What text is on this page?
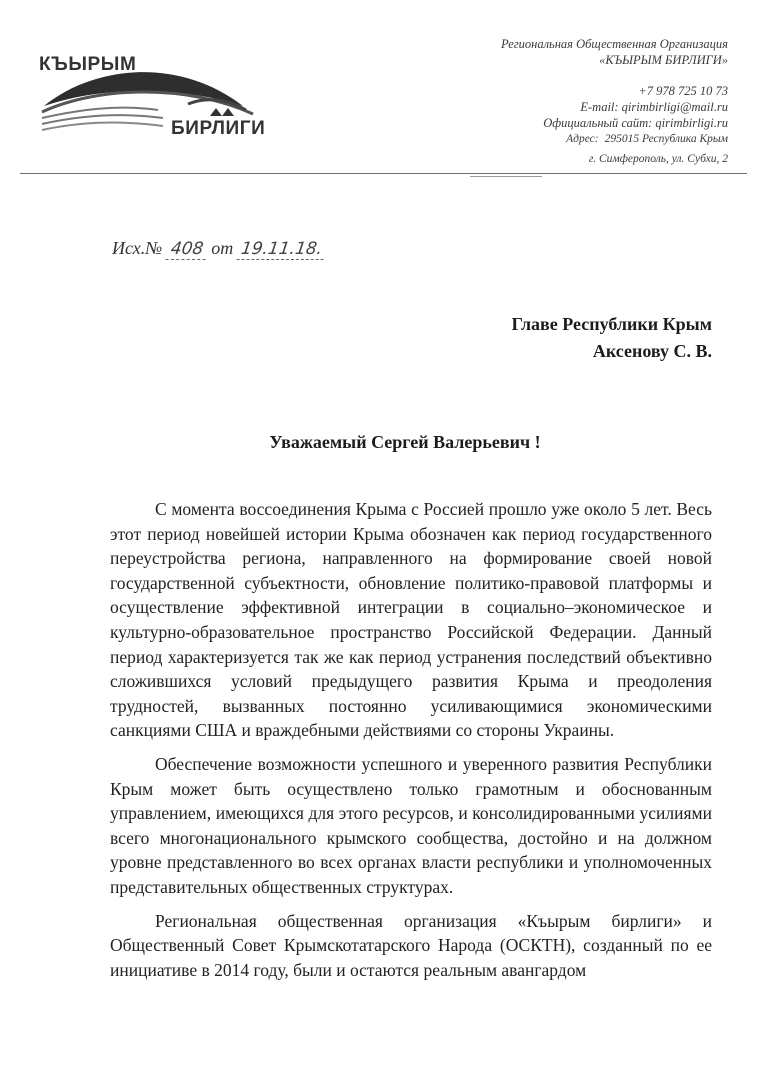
КЪЫРЫМ
БИРЛИГИ
Региональная Общественная Организация
«КЪЫРЫМ БИРЛИГИ»
+7 978 725 10 73
E-mail: qirimbirligi@mail.ru
Официальный сайт: qirimbirligi.ru
Адрес: 295015 Республика Крым
г. Симферополь, ул. Субхи, 2
Исх.№ 408 от 19.11.18.
Главе Республики Крым
Аксенову С. В.
Уважаемый Сергей Валерьевич !

С момента воссоединения Крыма с Россией прошло уже около 5 лет. Весь этот период новейшей истории Крыма обозначен как период государственного переустройства региона, направленного на формирование своей новой государственной субъектности, обновление политико-правовой платформы и осуществление эффективной интеграции в социально–экономическое и культурно-образовательное пространство Российской Федерации. Данный период характеризуется так же как период устранения последствий объективно сложившихся условий предыдущего развития Крыма и преодоления трудностей, вызванных постоянно усиливающимися экономическими санкциями США и враждебными действиями со стороны Украины.

Обеспечение возможности успешного и уверенного развития Республики Крым может быть осуществлено только грамотным и обоснованным управлением, имеющихся для этого ресурсов, и консолидированными усилиями всего многонационального крымского сообщества, достойно и на должном уровне представленного во всех органах власти республики и уполномоченных представительных общественных структурах.

Региональная общественная организация «Къырым бирлиги» и Общественный Совет Крымскотатарского Народа (ОСКТН), созданный по ее инициативе в 2014 году, были и остаются реальным авангардом
